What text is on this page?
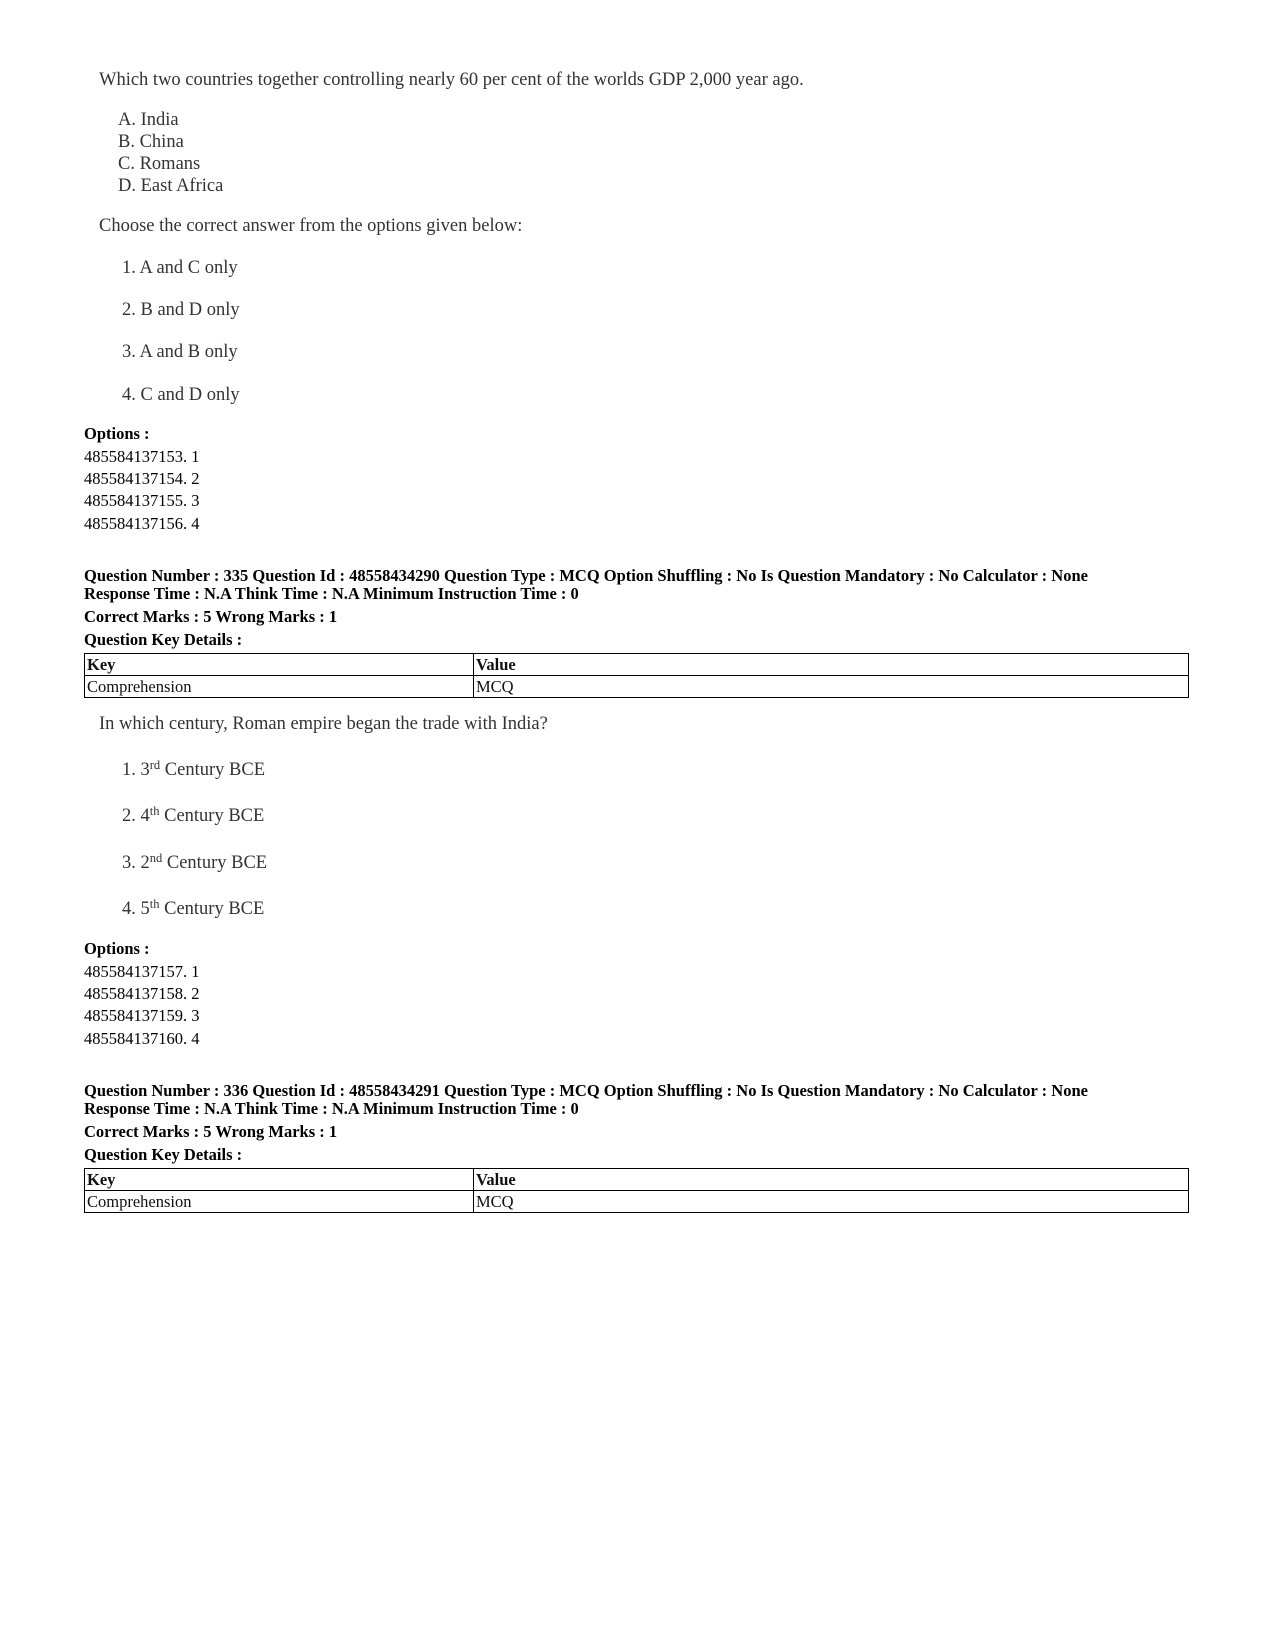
Which two countries together controlling nearly 60 per cent of the worlds GDP 2,000 year ago.

A. India

B. China

C. Romans

D. East Africa

Choose the correct answer from the options given below:

1. A and C only

2. B and D only

3. A and B only

4. C and D only

Options :

485584137153. 1

485584137154. 2

485584137155. 3

485584137156. 4

Question Number : 335 Question Id : 48558434290 Question Type : MCQ Option Shuffling : No Is Question Mandatory : No Calculator : None

Response Time : N.A Think Time : N.A Minimum Instruction Time : 0

Correct Marks : 5 Wrong Marks : 1

Question Key Details :

Key	Value
Comprehension	MCQ

In which century, Roman empire began the trade with India?

1. 3rd Century BCE

2. 4th Century BCE

3. 2nd Century BCE

4. 5th Century BCE

Options :

485584137157. 1

485584137158. 2

485584137159. 3

485584137160. 4

Question Number : 336 Question Id : 48558434291 Question Type : MCQ Option Shuffling : No Is Question Mandatory : No Calculator : None

Response Time : N.A Think Time : N.A Minimum Instruction Time : 0

Correct Marks : 5 Wrong Marks : 1

Question Key Details :

Key	Value
Comprehension	MCQ
